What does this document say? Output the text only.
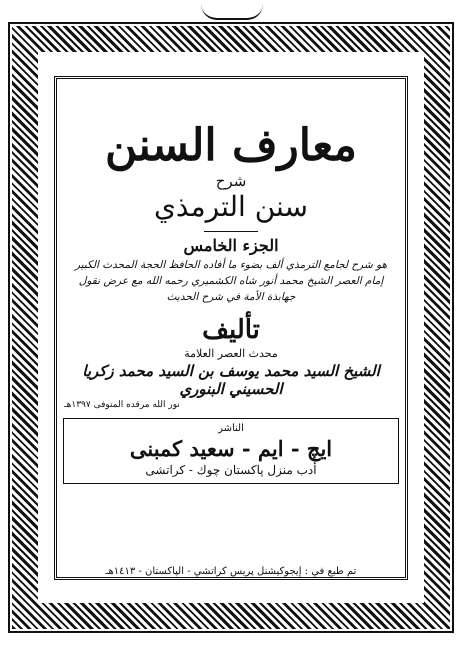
معارف السنن
شرح
سنن الترمذي
الجزء الخامس
هو شرح لجامع الترمذي ألف بضوء ما أفاده الحافظ الحجة المحدث الكبير إمام العصر الشيخ محمد أنور شاه الكشميري رحمه الله مع عرض نقول جهابذة الأمة في شرح الحديث
تأليف
محدث العصر العلامة
الشيخ السيد محمد يوسف بن السيد محمد زكريا الحسيني البنوري
نور الله مرقده المتوفى ١٣٩٧هـ
الناشر
ايچ - ايم - سعيد كمبنى
أدب منزل پاكستان چوك - كراتشى
تم طبع في : إيجوكيشنل پريس كراتشي - الپاكستان - ١٤١٣هـ
